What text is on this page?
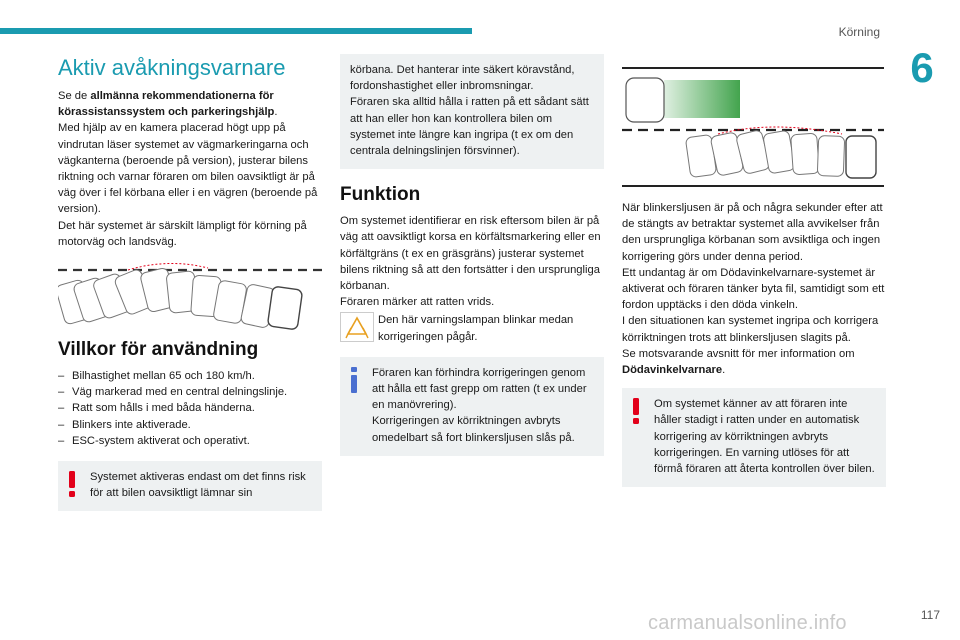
Körning
6
Aktiv avåkningsvarnare

Se de allmänna rekommendationerna för körassistanssystem och parkeringshjälp.

Med hjälp av en kamera placerad högt upp på vindrutan läser systemet av vägmarkeringarna och vägkanterna (beroende på version), justerar bilens riktning och varnar föraren om bilen oavsiktligt är på väg över i fel körbana eller i en vägren (beroende på version).

Det här systemet är särskilt lämpligt för körning på motorväg och landsväg.

Villkor för användning
– Bilhastighet mellan 65 och 180 km/h.
– Väg markerad med en central delningslinje.
– Ratt som hålls i med båda händerna.
– Blinkers inte aktiverade.
– ESC-system aktiverat och operativt.

Systemet aktiveras endast om det finns risk för att bilen oavsiktligt lämnar sin

körbana. Det hanterar inte säkert köravstånd, fordonshastighet eller inbromsningar.

Föraren ska alltid hålla i ratten på ett sådant sätt att han eller hon kan kontrollera bilen om systemet inte längre kan ingripa (t ex om den centrala delningslinjen försvinner).

Funktion

Om systemet identifierar en risk eftersom bilen är på väg att oavsiktligt korsa en körfältsmarkering eller en körfältgräns (t ex en gräsgräns) justerar systemet bilens riktning så att den fortsätter i den ursprungliga körbanan.

Föraren märker att ratten vrids.

Den här varningslampan blinkar medan korrigeringen pågår.

Föraren kan förhindra korrigeringen genom att hålla ett fast grepp om ratten (t ex under en manövrering).

Korrigeringen av körriktningen avbryts omedelbart så fort blinkersljusen slås på.

När blinkersljusen är på och några sekunder efter att de stängts av betraktar systemet alla avvikelser från den ursprungliga körbanan som avsiktliga och ingen korrigering görs under denna period.

Ett undantag är om Dödavinkelvarnare-systemet är aktiverat och föraren tänker byta fil, samtidigt som ett fordon upptäcks i den döda vinkeln.

I den situationen kan systemet ingripa och korrigera körriktningen trots att blinkersljusen slagits på.

Se motsvarande avsnitt för mer information om Dödavinkelvarnare.

Om systemet känner av att föraren inte håller stadigt i ratten under en automatisk korrigering av körriktningen avbryts korrigeringen. En varning utlöses för att förmå föraren att återta kontrollen över bilen.

carmanualsonline.info	117
